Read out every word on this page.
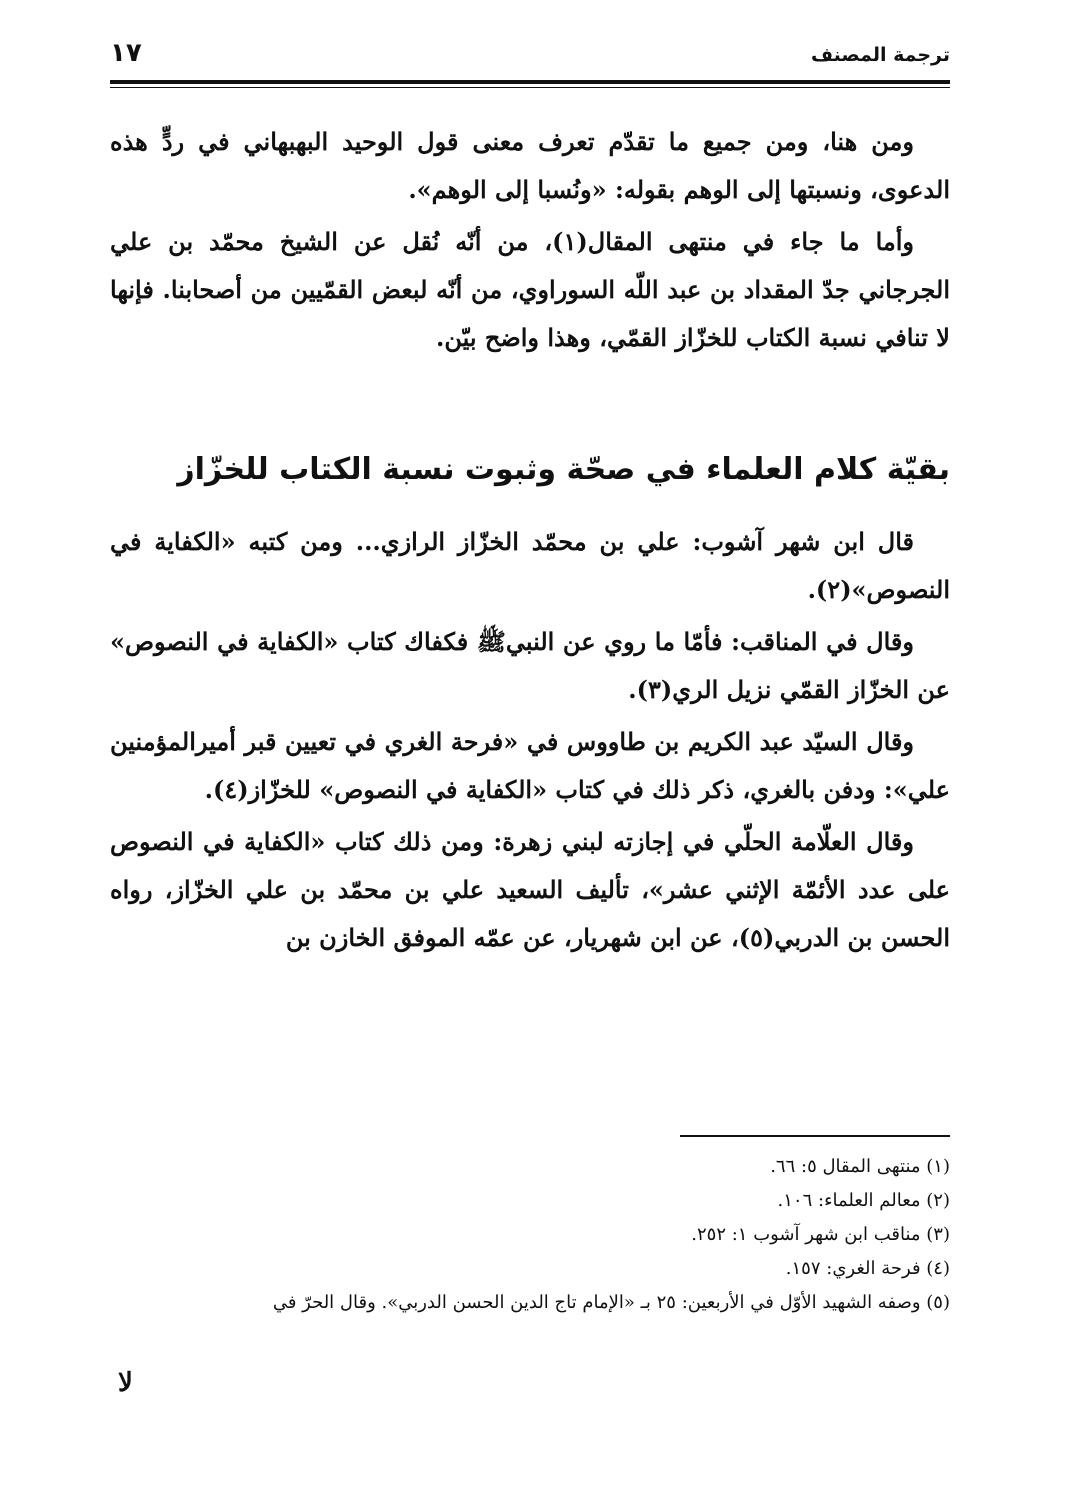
ترجمة المصنف
١٧

ومن هنا، ومن جميع ما تقدّم تعرف معنى قول الوحيد البهبهاني في ردٍّ هذه الدعوى، ونسبتها إلى الوهم بقوله: «ونُسبا إلى الوهم».

وأما ما جاء في منتهى المقال(١)، من أنّه نُقل عن الشيخ محمّد بن علي الجرجاني جدّ المقداد بن عبد اللّه السوراوي، من أنّه لبعض القمّيين من أصحابنا. فإنها لا تنافي نسبة الكتاب للخزّاز القمّي، وهذا واضح بيّن.

بقيّة كلام العلماء في صحّة وثبوت نسبة الكتاب للخزّاز

قال ابن شهر آشوب: علي بن محمّد الخزّاز الرازي... ومن كتبه «الكفاية في النصوص»(٢).

وقال في المناقب: فأمّا ما روي عن النبيﷺ فكفاك كتاب «الكفاية في النصوص» عن الخزّاز القمّي نزيل الري(٣).

وقال السيّد عبد الكريم بن طاووس في «فرحة الغري في تعيين قبر أميرالمؤمنين علي»: ودفن بالغري، ذكر ذلك في كتاب «الكفاية في النصوص» للخزّاز(٤).

وقال العلّامة الحلّي في إجازته لبني زهرة: ومن ذلك كتاب «الكفاية في النصوص على عدد الأئمّة الإثني عشر»، تأليف السعيد علي بن محمّد بن علي الخزّاز، رواه الحسن بن الدربي(٥)، عن ابن شهريار، عن عمّه الموفق الخازن بن

(١) منتهى المقال ٥: ٦٦.

(٢) معالم العلماء: ١٠٦.

(٣) مناقب ابن شهر آشوب ١: ٢٥٢.

(٤) فرحة الغري: ١٥٧.

(٥) وصفه الشهيد الأوّل في الأربعين: ٢٥ بـ «الإمام تاج الدين الحسن الدربي». وقال الحرّ في

لا
